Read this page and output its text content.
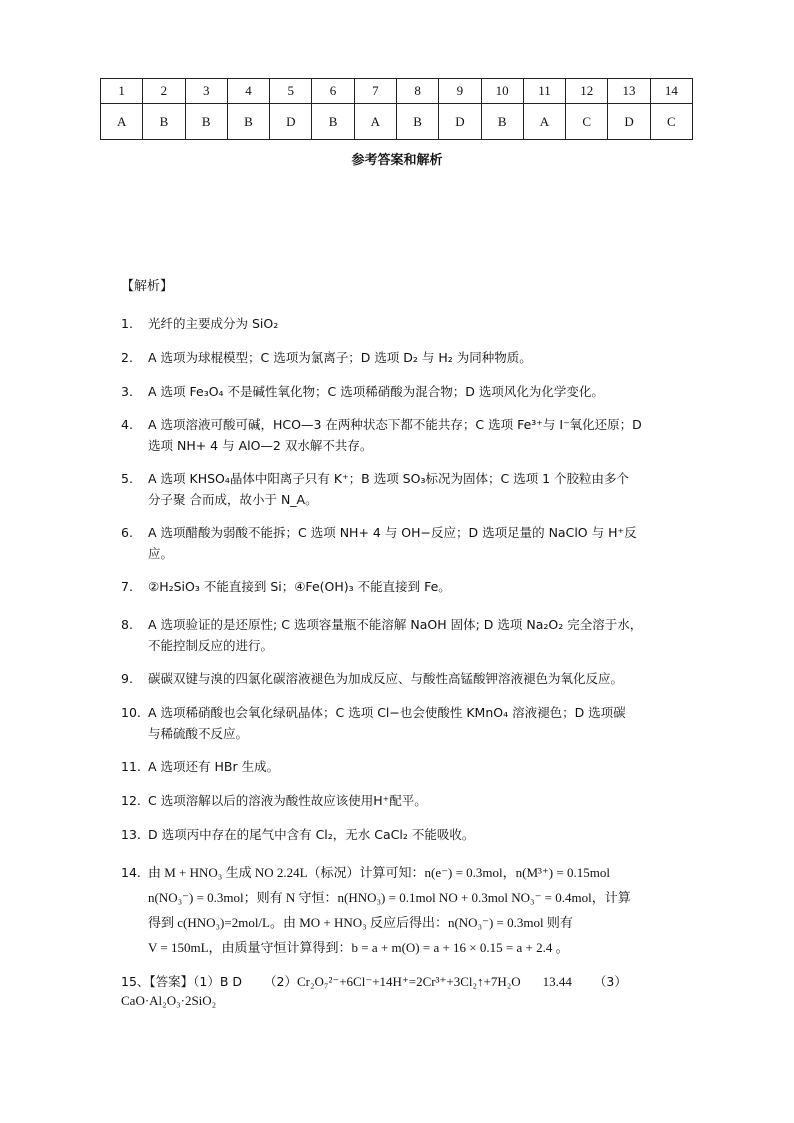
1	2	3	4	5	6	7	8	9	10	11	12	13	14
A	B	B	B	D	B	A	B	D	B	A	C	D	C
参考答案和解析
【解析】
1. 光纤的主要成分为 SiO₂
2. A 选项为球棍模型；C 选项为氯离子；D 选项 D₂ 与 H₂ 为同种物质。
3. A 选项 Fe₃O₄ 不是碱性氧化物；C 选项稀硝酸为混合物；D 选项风化为化学变化。
4. A 选项溶液可酸可碱，HCO—3 在两种状态下都不能共存；C 选项 Fe³⁺与 I⁻氧化还原；D
选项 NH+ 4 与 AlO—2 双水解不共存。
5. A 选项 KHSO₄晶体中阳离子只有 K⁺；B 选项 SO₃标况为固体；C 选项 1 个胶粒由多个
分子聚 合而成，故小于 N_A。
6. A 选项醋酸为弱酸不能拆；C 选项 NH+ 4 与 OH−反应；D 选项足量的 NaClO 与 H⁺反
应。
7. ②H₂SiO₃ 不能直接到 Si；④Fe(OH)₃ 不能直接到 Fe。
8. A 选项验证的是还原性; C 选项容量瓶不能溶解 NaOH 固体; D 选项 Na₂O₂ 完全溶于水，
不能控制反应的进行。
9. 碳碳双键与溴的四氯化碳溶液褪色为加成反应、与酸性高锰酸钾溶液褪色为氧化反应。
10. A 选项稀硝酸也会氧化绿矾晶体；C 选项 Cl−也会使酸性 KMnO₄ 溶液褪色；D 选项碳
与稀硫酸不反应。
11. A 选项还有 HBr 生成。
12. C 选项溶解以后的溶液为酸性故应该使用H⁺配平。
13. D 选项丙中存在的尾气中含有 Cl₂，无水 CaCl₂ 不能吸收。
14. 由 M + HNO₃ 生成 NO 2.24L（标况）计算可知：n(e⁻) = 0.3mol，n(M³⁺) = 0.15mol
n(NO₃⁻) = 0.3mol；则有 N 守恒：n(HNO₃) = 0.1mol NO + 0.3mol NO₃⁻ = 0.4mol，计算
得到 c(HNO₃)=2mol/L。由 MO + HNO₃ 反应后得出：n(NO₃⁻) = 0.3mol 则有
V = 150mL，由质量守恒计算得到：b = a + m(O) = a + 16 × 0.15 = a + 2.4 。
15、【答案】（1）B D （2）Cr₂O₇²⁻+6Cl⁻+14H⁺=2Cr³⁺+3Cl₂↑+7H₂O 13.44 （3）
CaO·Al₂O₃·2SiO₂
